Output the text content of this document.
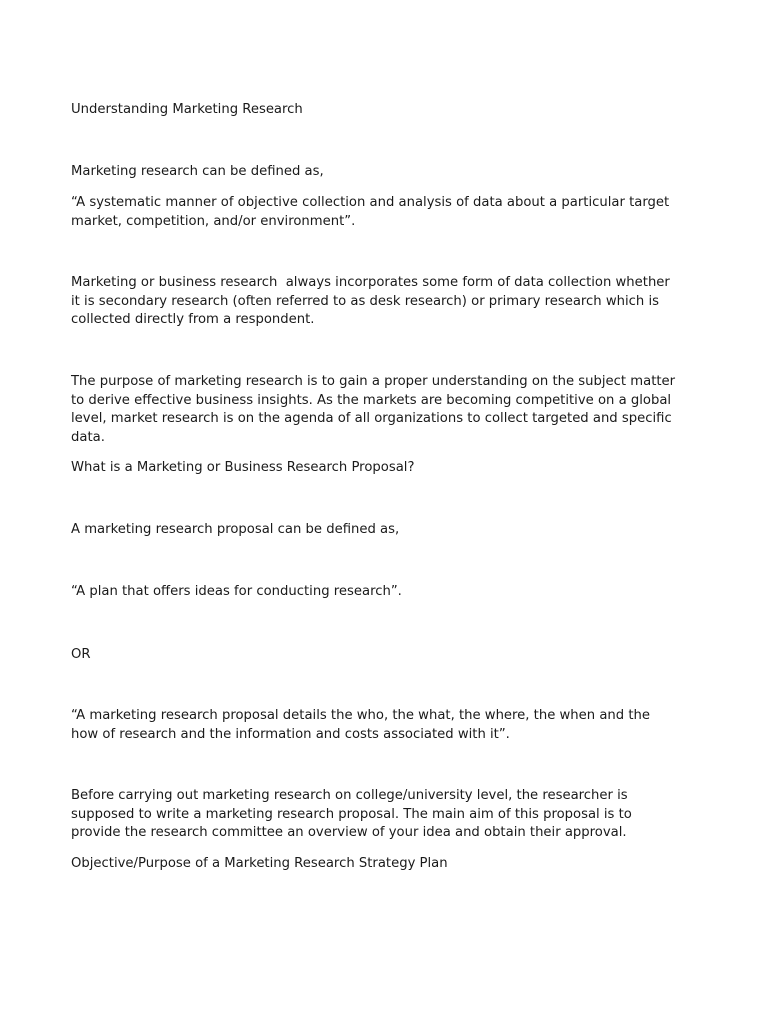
Understanding Marketing Research

Marketing research can be defined as,

“A systematic manner of objective collection and analysis of data about a particular target

market, competition, and/or environment”.

Marketing or business research  always incorporates some form of data collection whether

it is secondary research (often referred to as desk research) or primary research which is

collected directly from a respondent.

The purpose of marketing research is to gain a proper understanding on the subject matter

to derive effective business insights. As the markets are becoming competitive on a global

level, market research is on the agenda of all organizations to collect targeted and specific

data.

What is a Marketing or Business Research Proposal?

A marketing research proposal can be defined as,

“A plan that offers ideas for conducting research”.

OR

“A marketing research proposal details the who, the what, the where, the when and the

how of research and the information and costs associated with it”.

Before carrying out marketing research on college/university level, the researcher is

supposed to write a marketing research proposal. The main aim of this proposal is to

provide the research committee an overview of your idea and obtain their approval.

Objective/Purpose of a Marketing Research Strategy Plan
